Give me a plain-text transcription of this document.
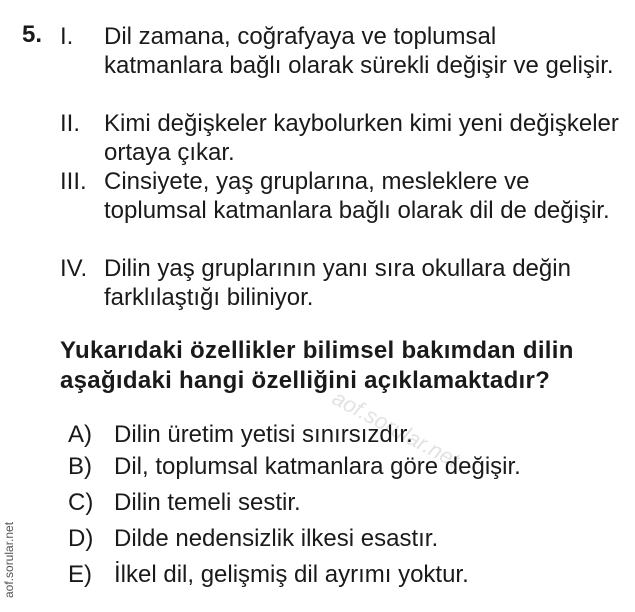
5. I. Dil zamana, coğrafyaya ve toplumsal katmanlara bağlı olarak sürekli değişir ve gelişir.
II. Kimi değişkeler kaybolurken kimi yeni değişkeler ortaya çıkar.
III. Cinsiyete, yaş gruplarına, mesleklere ve toplumsal katmanlara bağlı olarak dil de değişir.
IV. Dilin yaş gruplarının yanı sıra okullara değin farklılaştığı biliniyor.
Yukarıdaki özellikler bilimsel bakımdan dilin aşağıdaki hangi özelliğini açıklamaktadır?
aof.sorular.net
A) Dilin üretim yetisi sınırsızdır.
B) Dil, toplumsal katmanlara göre değişir.
C) Dilin temeli sestir.
D) Dilde nedensizlik ilkesi esastır.
E) İlkel dil, gelişmiş dil ayrımı yoktur.
aof.sorular.net
